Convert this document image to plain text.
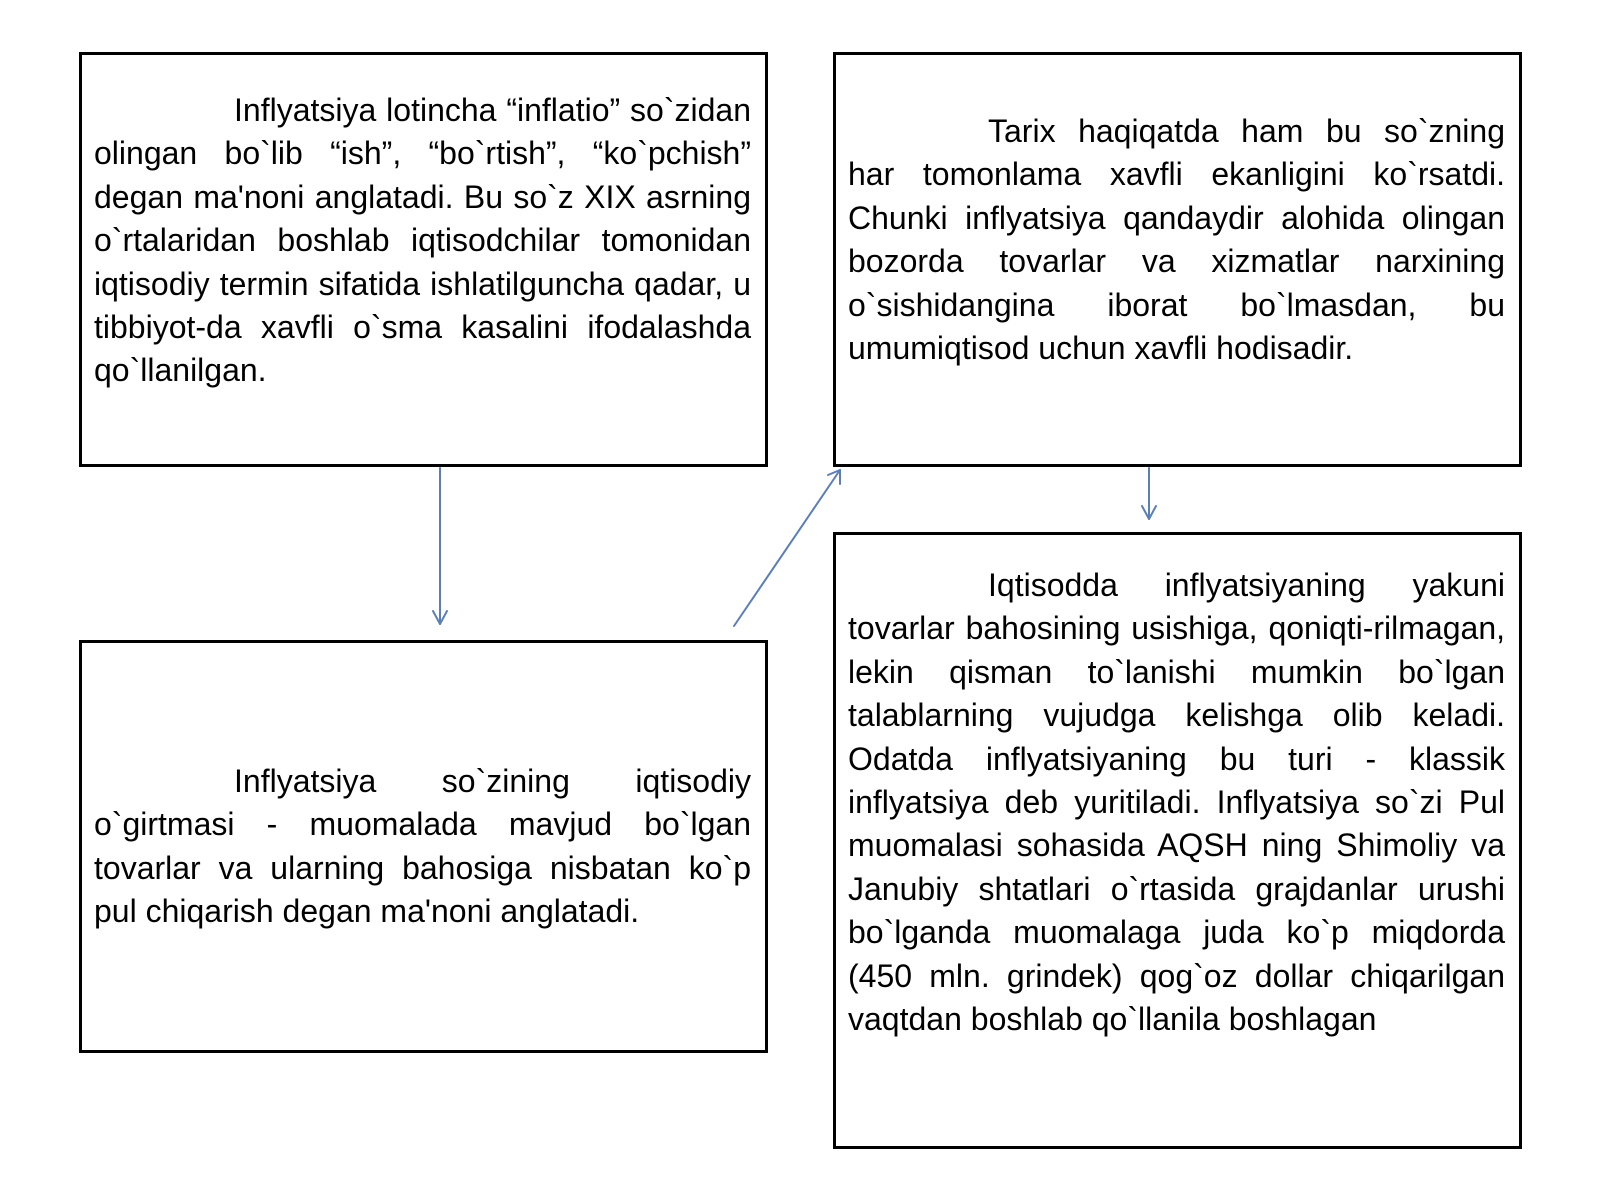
Inflyatsiya lotincha “inflatio” so`zidan olingan bo`lib “ish”, “bo`rtish”, “ko`pchish” degan ma'noni anglatadi. Bu so`z XIX asrning o`rtalaridan boshlab iqtisodchilar tomonidan iqtisodiy termin sifatida ishlatilguncha qadar, u tibbiyot-da xavfli o`sma kasalini ifodalashda qo`llanilgan.

Tarix haqiqatda ham bu so`zning har tomonlama xavfli ekanligini ko`rsatdi. Chunki inflyatsiya qandaydir alohida olingan bozorda tovarlar va xizmatlar narxining o`sishidangina iborat bo`lmasdan, bu umumiqtisod uchun xavfli hodisadir.

Inflyatsiya so`zining iqtisodiy o`girtmasi - muomalada mavjud bo`lgan tovarlar va ularning bahosiga nisbatan ko`p pul chiqarish degan ma'noni anglatadi.

Iqtisodda inflyatsiyaning yakuni tovarlar bahosining usishiga, qoniqti-rilmagan, lekin qisman to`lanishi mumkin bo`lgan talablarning vujudga kelishga olib keladi. Odatda inflyatsiyaning bu turi - klassik inflyatsiya deb yuritiladi. Inflyatsiya so`zi Pul muomalasi sohasida AQSH ning Shimoliy va Janubiy shtatlari o`rtasida grajdanlar urushi bo`lganda muomalaga juda ko`p miqdorda (450 mln. grindek) qog`oz dollar chiqarilgan vaqtdan boshlab qo`llanila boshlagan
